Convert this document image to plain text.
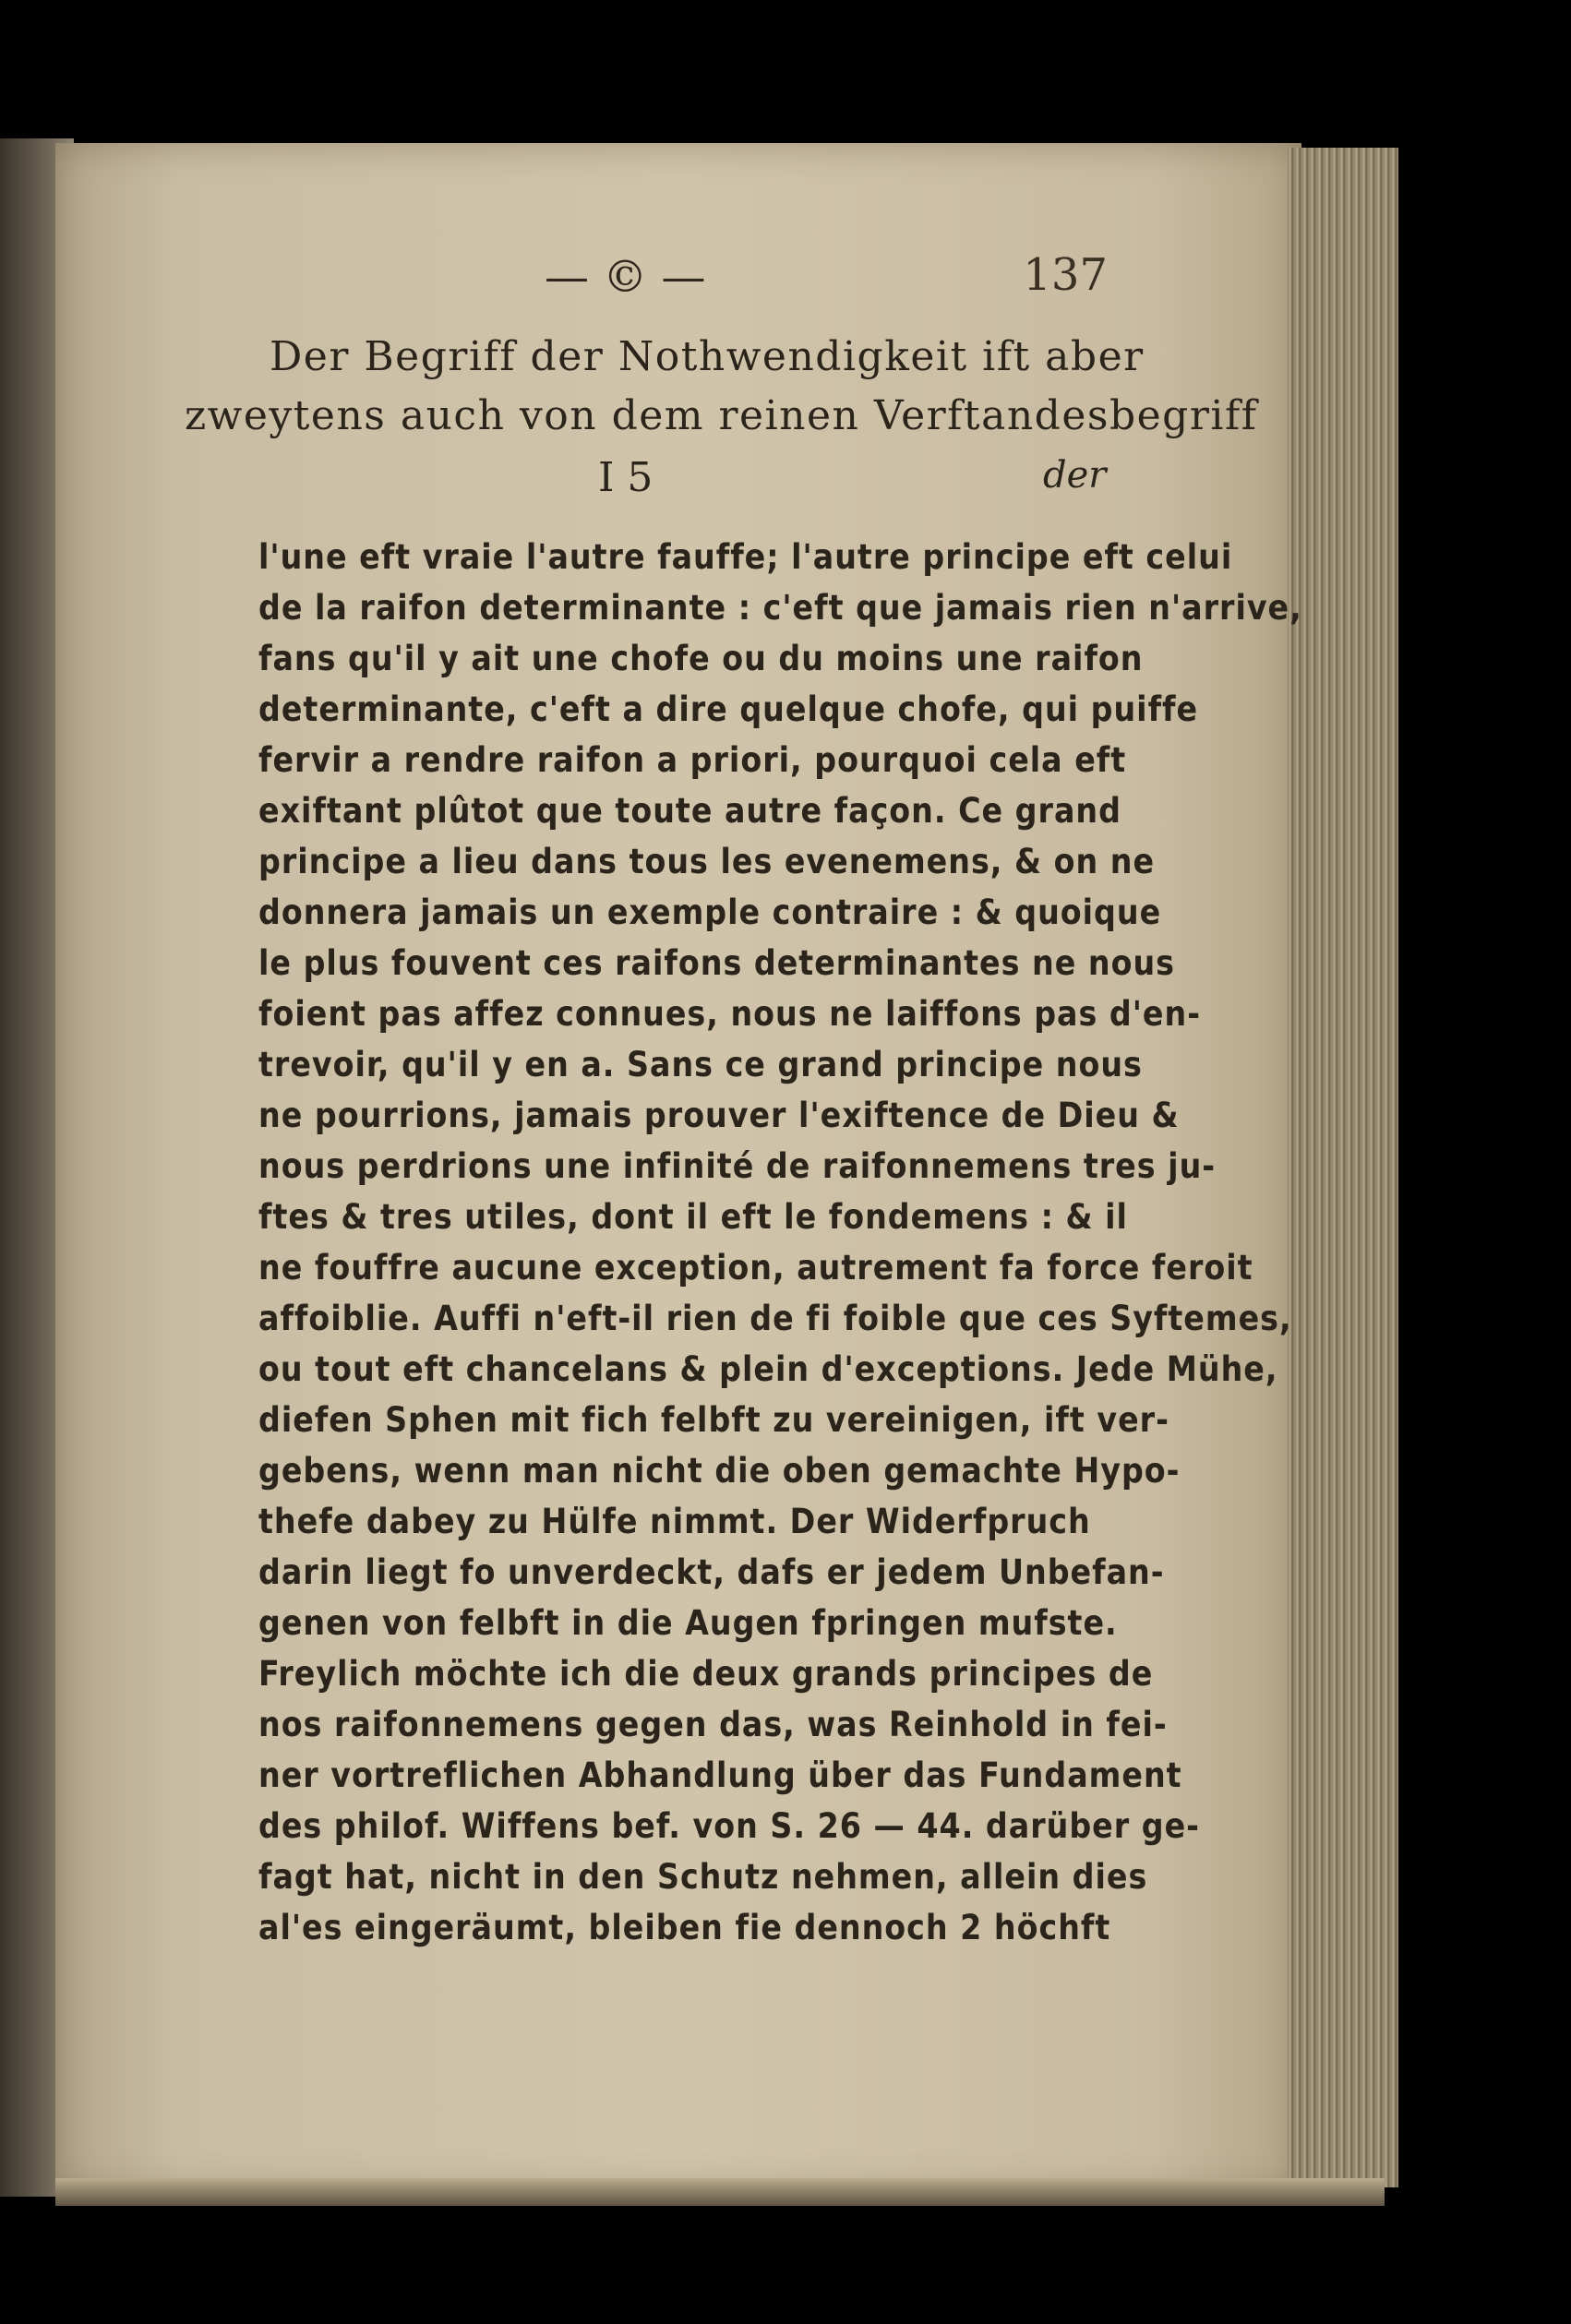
— © —	137

Der Begriff der Nothwendigkeit ift aber

zweytens auch von dem reinen Verftandesbegriff

I 5	der

l'une eft vraie l'autre fauffe; l'autre principe eft celui

de la raifon determinante : c'eft que jamais rien n'arrive,

fans qu'il y ait une chofe ou du moins une raifon

determinante, c'eft a dire quelque chofe, qui puiffe

fervir a rendre raifon a priori, pourquoi cela eft

exiftant plûtot que toute autre façon. Ce grand

principe a lieu dans tous les evenemens, & on ne

donnera jamais un exemple contraire : & quoique

le plus fouvent ces raifons determinantes ne nous

foient pas affez connues, nous ne laiffons pas d'en-

trevoir, qu'il y en a. Sans ce grand principe nous

ne pourrions, jamais prouver l'exiftence de Dieu &

nous perdrions une infinité de raifonnemens tres ju-

ftes & tres utiles, dont il eft le fondemens : & il

ne fouffre aucune exception, autrement fa force feroit

affoiblie. Auffi n'eft-il rien de fi foible que ces Syftemes,

ou tout eft chancelans & plein d'exceptions. Jede Mühe,

diefen Sphen mit fich felbft zu vereinigen, ift ver-

gebens, wenn man nicht die oben gemachte Hypo-

thefe dabey zu Hülfe nimmt. Der Widerfpruch

darin liegt fo unverdeckt, dafs er jedem Unbefan-

genen von felbft in die Augen fpringen mufste.

Freylich möchte ich die deux grands principes de

nos raifonnemens gegen das, was Reinhold in fei-

ner vortreflichen Abhandlung über das Fundament

des philof. Wiffens bef. von S. 26 — 44. darüber ge-

fagt hat, nicht in den Schutz nehmen, allein dies

al'es eingeräumt, bleiben fie dennoch 2 höchft
